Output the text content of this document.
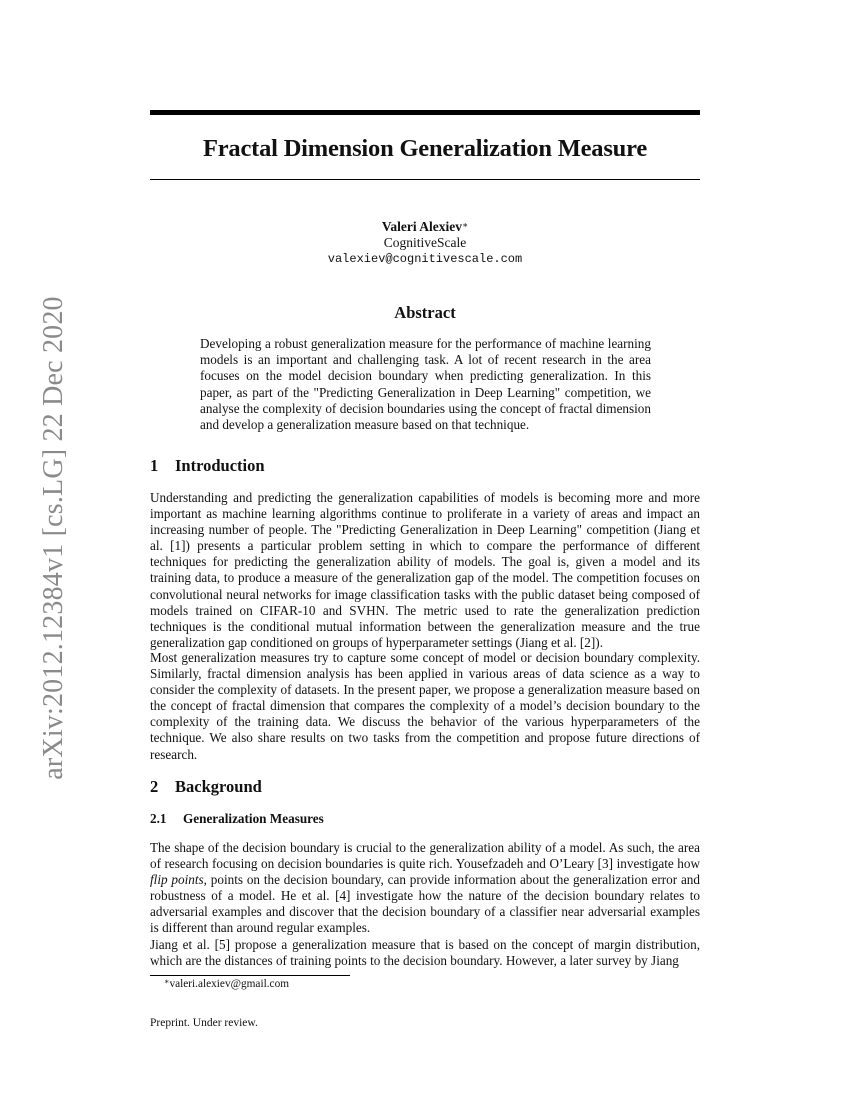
arXiv:2012.12384v1 [cs.LG] 22 Dec 2020
Fractal Dimension Generalization Measure
Valeri Alexiev∗
CognitiveScale
valexiev@cognitivescale.com
Abstract
Developing a robust generalization measure for the performance of machine learning models is an important and challenging task. A lot of recent research in the area focuses on the model decision boundary when predicting generalization. In this paper, as part of the "Predicting Generalization in Deep Learning" competition, we analyse the complexity of decision boundaries using the concept of fractal dimension and develop a generalization measure based on that technique.
1 Introduction

Understanding and predicting the generalization capabilities of models is becoming more and more important as machine learning algorithms continue to proliferate in a variety of areas and impact an increasing number of people. The "Predicting Generalization in Deep Learning" competition (Jiang et al. [1]) presents a particular problem setting in which to compare the performance of different techniques for predicting the generalization ability of models. The goal is, given a model and its training data, to produce a measure of the generalization gap of the model. The competition focuses on convolutional neural networks for image classification tasks with the public dataset being composed of models trained on CIFAR-10 and SVHN. The metric used to rate the generalization prediction techniques is the conditional mutual information between the generalization measure and the true generalization gap conditioned on groups of hyperparameter settings (Jiang et al. [2]).

Most generalization measures try to capture some concept of model or decision boundary complexity. Similarly, fractal dimension analysis has been applied in various areas of data science as a way to consider the complexity of datasets. In the present paper, we propose a generalization measure based on the concept of fractal dimension that compares the complexity of a model’s decision boundary to the complexity of the training data. We discuss the behavior of the various hyperparameters of the technique. We also share results on two tasks from the competition and propose future directions of research.

2 Background
2.1 Generalization Measures

The shape of the decision boundary is crucial to the generalization ability of a model. As such, the area of research focusing on decision boundaries is quite rich. Yousefzadeh and O’Leary [3] investigate how flip points, points on the decision boundary, can provide information about the generalization error and robustness of a model. He et al. [4] investigate how the nature of the decision boundary relates to adversarial examples and discover that the decision boundary of a classifier near adversarial examples is different than around regular examples.

Jiang et al. [5] propose a generalization measure that is based on the concept of margin distribution, which are the distances of training points to the decision boundary. However, a later survey by Jiang

∗valeri.alexiev@gmail.com
Preprint. Under review.
